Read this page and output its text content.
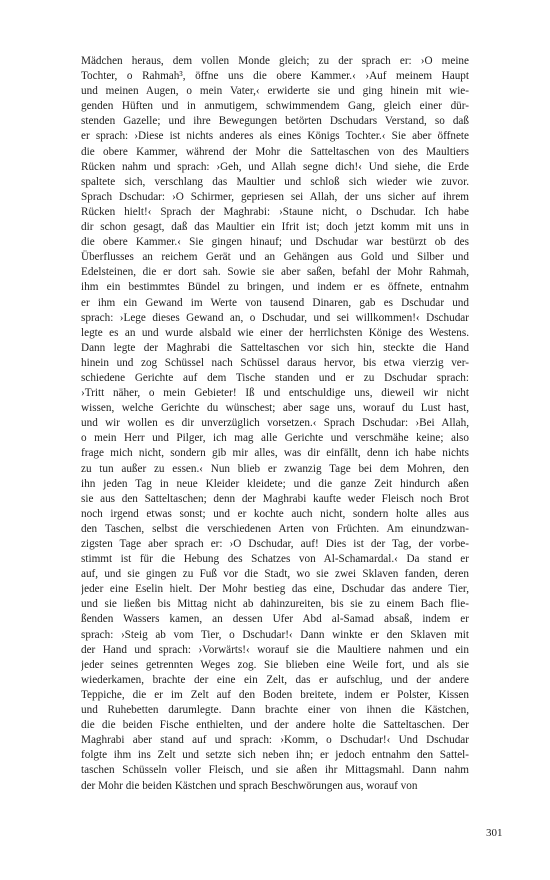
Mädchen heraus, dem vollen Monde gleich; zu der sprach er: ›O meine
Tochter, o Rahmah³, öffne uns die obere Kammer.‹ ›Auf meinem Haupt
und meinen Augen, o mein Vater,‹ erwiderte sie und ging hinein mit wie-
genden Hüften und in anmutigem, schwimmendem Gang, gleich einer dür-
stenden Gazelle; und ihre Bewegungen betörten Dschudars Verstand, so daß
er sprach: ›Diese ist nichts anderes als eines Königs Tochter.‹ Sie aber öffnete
die obere Kammer, während der Mohr die Satteltaschen von des Maultiers
Rücken nahm und sprach: ›Geh, und Allah segne dich!‹ Und siehe, die Erde
spaltete sich, verschlang das Maultier und schloß sich wieder wie zuvor.
Sprach Dschudar: ›O Schirmer, gepriesen sei Allah, der uns sicher auf ihrem
Rücken hielt!‹ Sprach der Maghrabi: ›Staune nicht, o Dschudar. Ich habe
dir schon gesagt, daß das Maultier ein Ifrit ist; doch jetzt komm mit uns in
die obere Kammer.‹ Sie gingen hinauf; und Dschudar war bestürzt ob des
Überflusses an reichem Gerät und an Gehängen aus Gold und Silber und
Edelsteinen, die er dort sah. Sowie sie aber saßen, befahl der Mohr Rahmah,
ihm ein bestimmtes Bündel zu bringen, und indem er es öffnete, entnahm
er ihm ein Gewand im Werte von tausend Dinaren, gab es Dschudar und
sprach: ›Lege dieses Gewand an, o Dschudar, und sei willkommen!‹ Dschudar
legte es an und wurde alsbald wie einer der herrlichsten Könige des Westens.
Dann legte der Maghrabi die Satteltaschen vor sich hin, steckte die Hand
hinein und zog Schüssel nach Schüssel daraus hervor, bis etwa vierzig ver-
schiedene Gerichte auf dem Tische standen und er zu Dschudar sprach:
›Tritt näher, o mein Gebieter! Iß und entschuldige uns, dieweil wir nicht
wissen, welche Gerichte du wünschest; aber sage uns, worauf du Lust hast,
und wir wollen es dir unverzüglich vorsetzen.‹ Sprach Dschudar: ›Bei Allah,
o mein Herr und Pilger, ich mag alle Gerichte und verschmähe keine; also
frage mich nicht, sondern gib mir alles, was dir einfällt, denn ich habe nichts
zu tun außer zu essen.‹ Nun blieb er zwanzig Tage bei dem Mohren, den
ihn jeden Tag in neue Kleider kleidete; und die ganze Zeit hindurch aßen
sie aus den Satteltaschen; denn der Maghrabi kaufte weder Fleisch noch Brot
noch irgend etwas sonst; und er kochte auch nicht, sondern holte alles aus
den Taschen, selbst die verschiedenen Arten von Früchten. Am einundzwan-
zigsten Tage aber sprach er: ›O Dschudar, auf! Dies ist der Tag, der vorbe-
stimmt ist für die Hebung des Schatzes von Al-Schamardal.‹ Da stand er
auf, und sie gingen zu Fuß vor die Stadt, wo sie zwei Sklaven fanden, deren
jeder eine Eselin hielt. Der Mohr bestieg das eine, Dschudar das andere Tier,
und sie ließen bis Mittag nicht ab dahinzureiten, bis sie zu einem Bach flie-
ßenden Wassers kamen, an dessen Ufer Abd al-Samad absaß, indem er
sprach: ›Steig ab vom Tier, o Dschudar!‹ Dann winkte er den Sklaven mit
der Hand und sprach: ›Vorwärts!‹ worauf sie die Maultiere nahmen und ein
jeder seines getrennten Weges zog. Sie blieben eine Weile fort, und als sie
wiederkamen, brachte der eine ein Zelt, das er aufschlug, und der andere
Teppiche, die er im Zelt auf den Boden breitete, indem er Polster, Kissen
und Ruhebetten darumlegte. Dann brachte einer von ihnen die Kästchen,
die die beiden Fische enthielten, und der andere holte die Satteltaschen. Der
Maghrabi aber stand auf und sprach: ›Komm, o Dschudar!‹ Und Dschudar
folgte ihm ins Zelt und setzte sich neben ihn; er jedoch entnahm den Sattel-
taschen Schüsseln voller Fleisch, und sie aßen ihr Mittagsmahl. Dann nahm
der Mohr die beiden Kästchen und sprach Beschwörungen aus, worauf von
301
